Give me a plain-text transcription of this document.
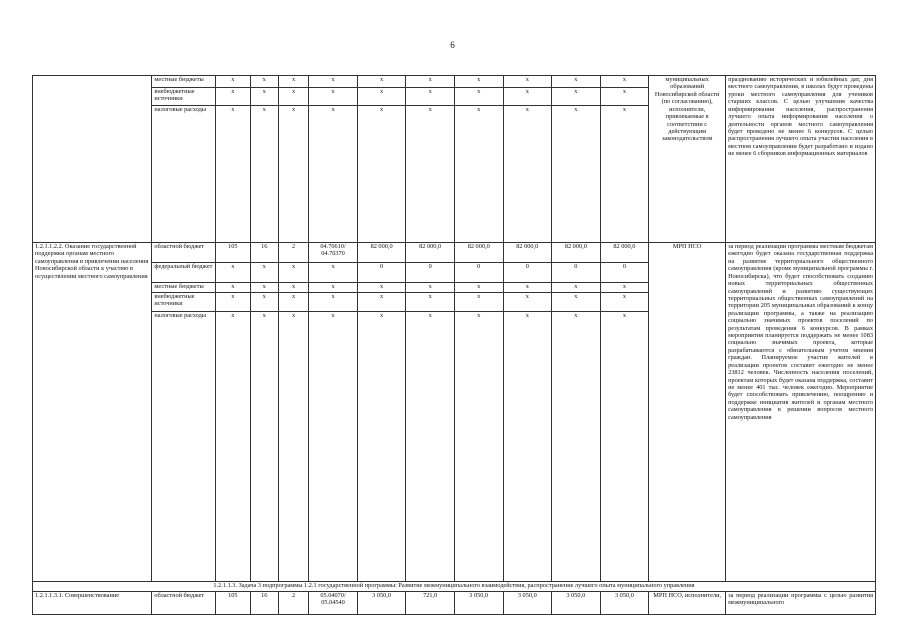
6
	местные бюджеты	x	x	x	x	x	x	x	x	x	x	муниципальных образований Новосибирской области (по согласованию), исполнители, привлекаемые в соответствии с действующим законодательством	празднованию исторических и юбилейных дат, дня местного самоуправления, в школах будут проведены уроки местного самоуправления для учеников старших классов. С целью улучшения качества информирования населения, распространения лучшего опыта информирования населения о деятельности органов местного самоуправления будет проведено не менее 6 конкурсов. С целью распространения лучшего опыта участия населения в местном самоуправлении будет разработано и издано не менее 6 сборников информационных материалов
	внебюджетные источники	x	x	x	x	x	x	x	x	x	x		
	налоговые расходы	x	x	x	x	x	x	x	x	x	x		
1.2.1.1.2.2. Оказание государственной поддержки органам местного самоуправления в привлечении населения Новосибирской области к участию в осуществлении местного самоуправления	областной бюджет	105	16	2	04.70610/ 04.70370	82 000,0	82 000,0	82 000,0	82 000,0	82 000,0	82 000,0	МРП НСО	за период реализации программы местным бюджетам ежегодно будет оказана государственная поддержка на развитие территориального общественного самоуправления (кроме муниципальной программы г. Новосибирска), что будет способствовать созданию новых территориальных общественных самоуправлений и развитию существующих территориальных общественных самоуправлений на территории 205 муниципальных образований к концу реализации программы, а также на реализацию социально значимых проектов поселений по результатам проведения 6 конкурсов. В рамках мероприятия планируется поддержать не менее 1083 социально значимых проекта, которые разрабатываются с обязательным учетом мнения граждан. Планируемое участие жителей в реализации проектов составит ежегодно не менее 23812 человек. Численность населения поселений, проектам которых будет оказана поддержка, составит не менее 401 тыс. человек ежегодно. Мероприятие будет способствовать привлечению, поощрению и поддержке инициатив жителей и органам местного самоуправления в решении вопросов местного самоуправления
	федеральный бюджет	x	x	x	x	0	0	0	0	0	0		
	местные бюджеты	x	x	x	x	x	x	x	x	x	x		
	внебюджетные источники	x	x	x	x	x	x	x	x	x	x		
	налоговые расходы	x	x	x	x	x	x	x	x	x	x		
1.2.1.1.3. Задача 3 подпрограммы 1.2.1 государственной программы: Развитие межмуниципального взаимодействия, распространение лучшего опыта муниципального управления													
1.2.1.1.3.1. Совершенствование	областной бюджет	105	16	2	05.04070/ 05.04540	3 050,0	721,0	3 050,0	3 050,0	3 050,0	3 050,0	МРП НСО, исполнители,	за период реализации программы с целью развития межмуниципального
